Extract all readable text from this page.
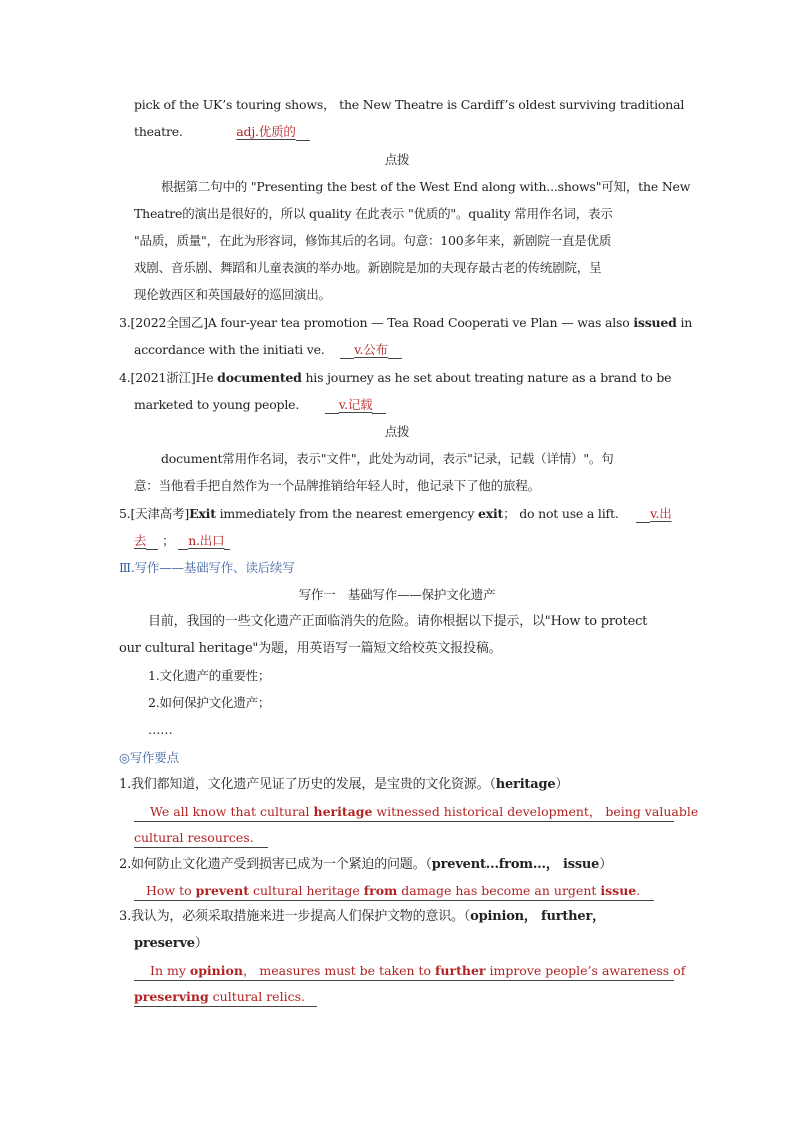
pick of the UK’s touring shows， the New Theatre is Cardiff’s oldest surviving traditional
theatre.	adj.优质的
点拨
根据第二句中的 "Presenting the best of the West End along with...shows"可知，the New
Theatre的演出是很好的，所以 quality 在此表示 "优质的"。quality 常用作名词，表示
"品质，质量"，在此为形容词，修饰其后的名词。句意：100多年来，新剧院一直是优质
戏剧、音乐剧、舞蹈和儿童表演的举办地。新剧院是加的夫现存最古老的传统剧院，呈
现伦敦西区和英国最好的巡回演出。
3.[2022全国乙]A four-year tea promotion — Tea Road Cooperati ve Plan — was also issued in
accordance with the initiati ve. v.公布
4.[2021浙江]He documented his journey as he set about treating nature as a brand to be
marketed to young people.	v.记载
点拨
document常用作名词，表示"文件"，此处为动词，表示"记录，记载（详情）"。句
意：当他看手把自然作为一个品牌推销给年轻人时，他记录下了他的旅程。
5.[天津高考]Exit immediately from the nearest emergency exit； do not use a lift.	v.出
去 ； n.出口
Ⅲ.写作——基础写作、读后续写
写作一　基础写作——保护文化遗产
目前，我国的一些文化遗产正面临消失的危险。请你根据以下提示，以"How to protect
our cultural heritage"为题，用英语写一篇短文给校英文报投稿。
1.文化遗产的重要性；
2.如何保护文化遗产；
……
◎写作要点
1.我们都知道，文化遗产见证了历史的发展，是宝贵的文化资源。（heritage）
We all know that cultural heritage witnessed historical development， being valuable
cultural resources.
2.如何防止文化遗产受到损害已成为一个紧迫的问题。（prevent...from...， issue）
How to prevent cultural heritage from damage has become an urgent issue.
3.我认为，必须采取措施来进一步提高人们保护文物的意识。（opinion， further，
preserve）
In my opinion， measures must be taken to further improve people’s awareness of
preserving cultural relics.
